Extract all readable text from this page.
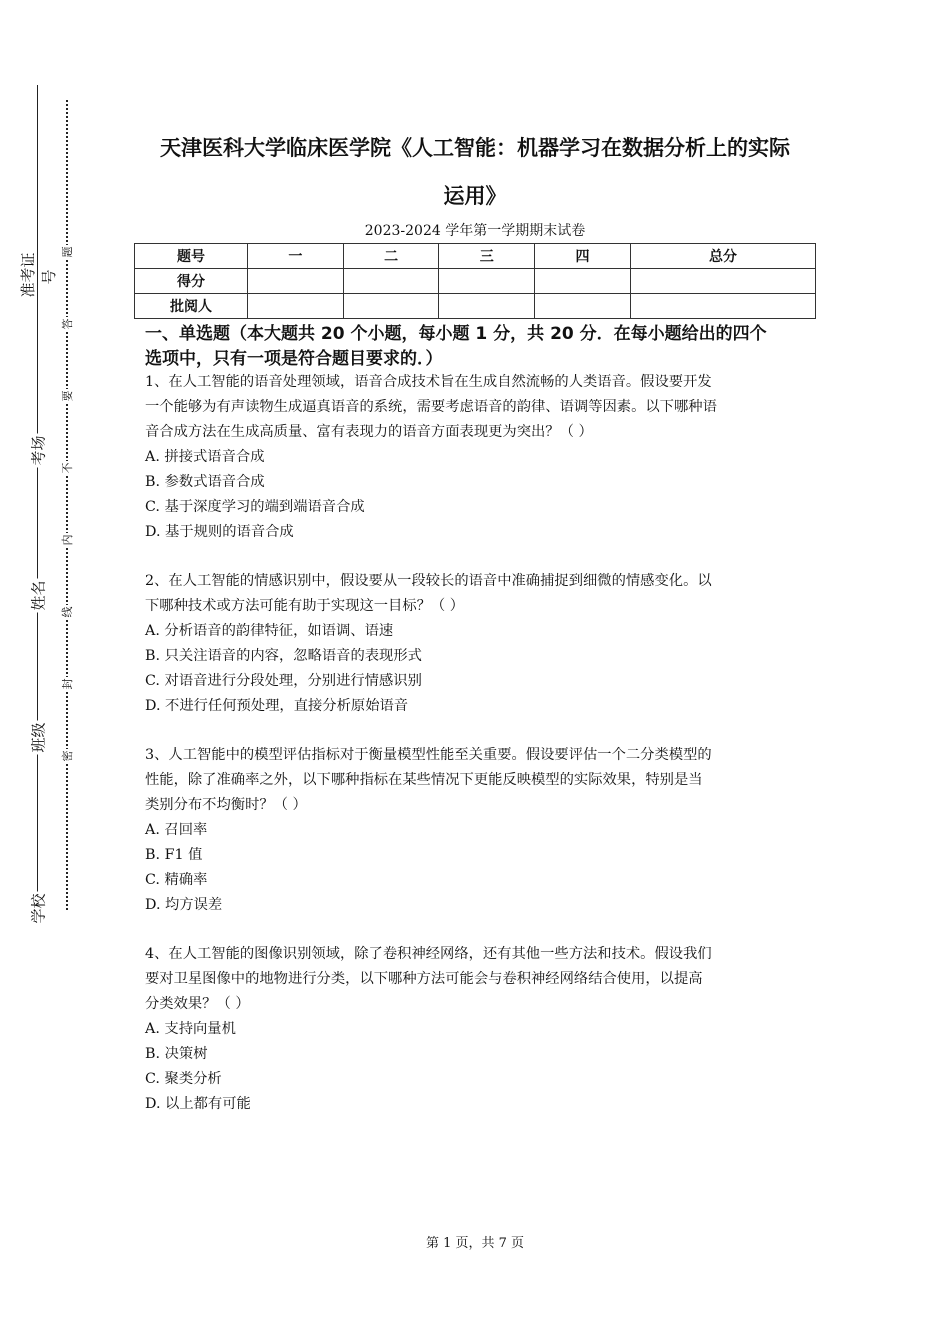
准考证号
考场
姓名
班级
学校
题
答
要
不
内
线
封
密
天津医科大学临床医学院《人工智能：机器学习在数据分析上的实际
运用》
2023-2024 学年第一学期期末试卷
题号	一	二	三	四	总分
得分					
批阅人					
一、单选题（本大题共 20 个小题，每小题 1 分，共 20 分．在每小题给出的四个
选项中，只有一项是符合题目要求的．）
1、在人工智能的语音处理领域，语音合成技术旨在生成自然流畅的人类语音。假设要开发
一个能够为有声读物生成逼真语音的系统，需要考虑语音的韵律、语调等因素。以下哪种语
音合成方法在生成高质量、富有表现力的语音方面表现更为突出？（ ）
A. 拼接式语音合成
B. 参数式语音合成
C. 基于深度学习的端到端语音合成
D. 基于规则的语音合成
2、在人工智能的情感识别中，假设要从一段较长的语音中准确捕捉到细微的情感变化。以
下哪种技术或方法可能有助于实现这一目标？（ ）
A. 分析语音的韵律特征，如语调、语速
B. 只关注语音的内容，忽略语音的表现形式
C. 对语音进行分段处理，分别进行情感识别
D. 不进行任何预处理，直接分析原始语音
3、人工智能中的模型评估指标对于衡量模型性能至关重要。假设要评估一个二分类模型的
性能，除了准确率之外，以下哪种指标在某些情况下更能反映模型的实际效果，特别是当
类别分布不均衡时？（ ）
A. 召回率
B. F1 值
C. 精确率
D. 均方误差
4、在人工智能的图像识别领域，除了卷积神经网络，还有其他一些方法和技术。假设我们
要对卫星图像中的地物进行分类，以下哪种方法可能会与卷积神经网络结合使用，以提高
分类效果？（ ）
A. 支持向量机
B. 决策树
C. 聚类分析
D. 以上都有可能
第 1 页，共 7 页
